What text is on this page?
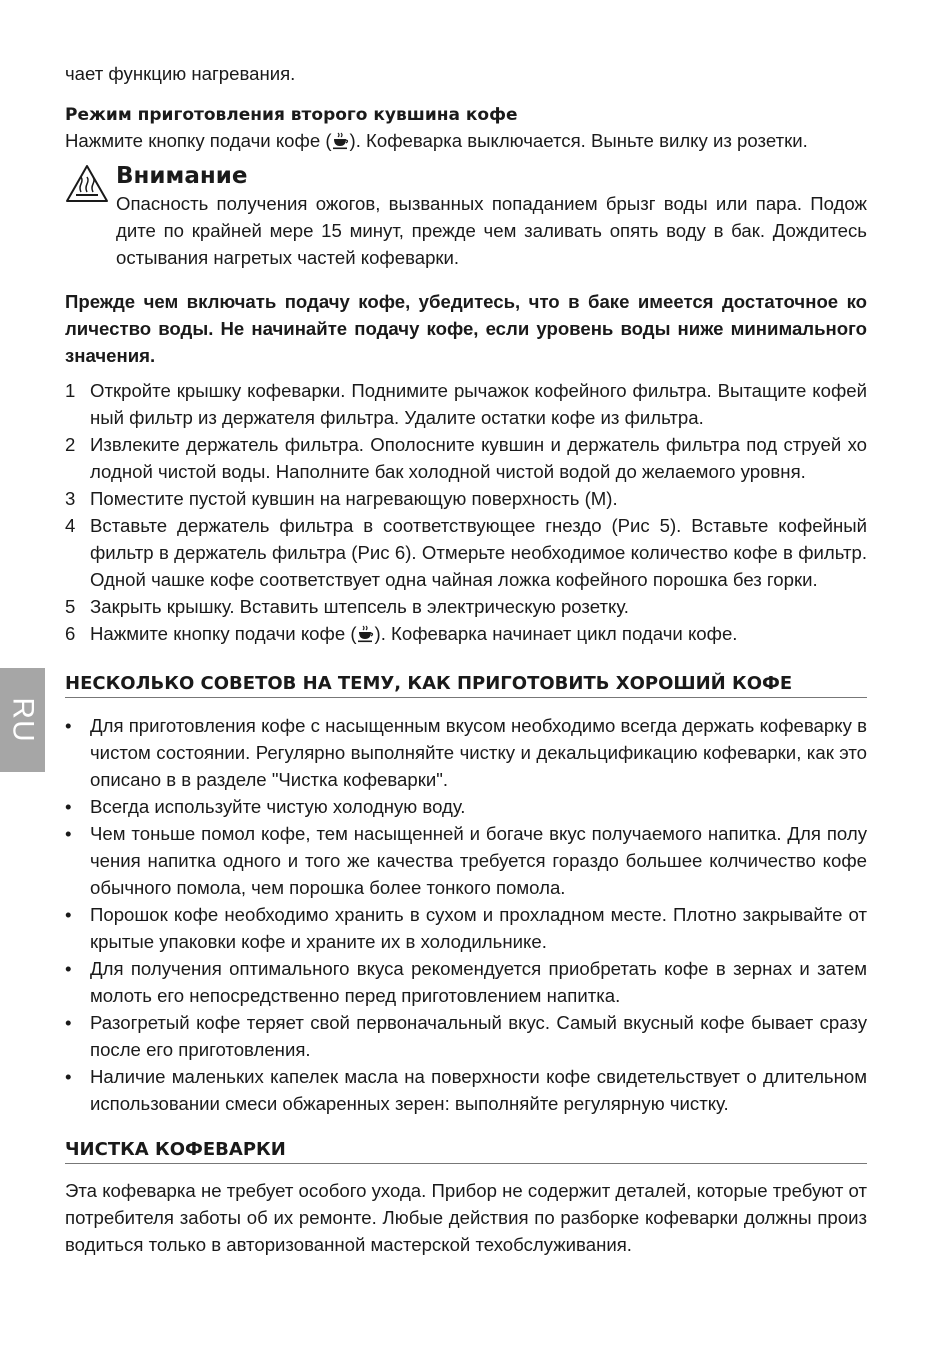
RU

чает функцию нагревания.

Режим приготовления второго кувшина кофе

Нажмите кнопку подачи кофе ( ). Кофеварка выключается. Выньте вилку из розетки.

Внимание

Опасность получения ожогов, вызванных попаданием брызг воды или пара. Подож дите по крайней мере 15 минут, прежде чем заливать опять воду в бак. Дождитесь остывания нагретых частей кофеварки.

Прежде чем включать подачу кофе, убедитесь, что в баке имеется достаточное ко личество воды. Не начинайте подачу кофе, если уровень воды ниже минимального значения.

1 Откройте крышку кофеварки. Поднимите рычажок кофейного фильтра. Вытащите кофей ный фильтр из держателя фильтра. Удалите остатки кофе из фильтра.
2 Извлеките держатель фильтра. Ополосните кувшин и держатель фильтра под струей хо лодной чистой воды. Наполните бак холодной чистой водой до желаемого уровня.
3 Поместите пустой кувшин на нагревающую поверхность (M).
4 Вставьте держатель фильтра в соответствующее гнездо (Рис 5). Вставьте кофейный фильтр в держатель фильтра (Рис 6). Отмерьте необходимое количество кофе в фильтр. Одной чашке кофе соответствует одна чайная ложка кофейного порошка без горки.
5 Закрыть крышку. Вставить штепсель в электрическую розетку.
6 Нажмите кнопку подачи кофе ( ). Кофеварка начинает цикл подачи кофе.
НЕСКОЛЬКО СОВЕТОВ НА ТЕМУ, КАК ПРИГОТОВИТЬ ХОРОШИЙ КОФЕ
• Для приготовления кофе с насыщенным вкусом необходимо всегда держать кофеварку в чистом состоянии. Регулярно выполняйте чистку и декальцификацию кофеварки, как это описано в в разделе "Чистка кофеварки".
• Всегда используйте чистую холодную воду.
• Чем тоньше помол кофе, тем насыщенней и богаче вкус получаемого напитка. Для полу чения напитка одного и того же качества требуется гораздо большее колчичество кофе обычного помола, чем порошка более тонкого помола.
• Порошок кофе необходимо хранить в сухом и прохладном месте. Плотно закрывайте от крытые упаковки кофе и храните их в холодильнике.
• Для получения оптимального вкуса рекомендуется приобретать кофе в зернах и затем молоть его непосредственно перед приготовлением напитка.
• Разогретый кофе теряет свой первоначальный вкус. Самый вкусный кофе бывает сразу после его приготовления.
• Наличие маленьких капелек масла на поверхности кофе свидетельствует о длительном использовании смеси обжаренных зерен: выполняйте регулярную чистку.
ЧИСТКА КОФЕВАРКИ

Эта кофеварка не требует особого ухода. Прибор не содержит деталей, которые требуют от потребителя заботы об их ремонте. Любые действия по разборке кофеварки должны произ водиться только в авторизованной мастерской техобслуживания.
